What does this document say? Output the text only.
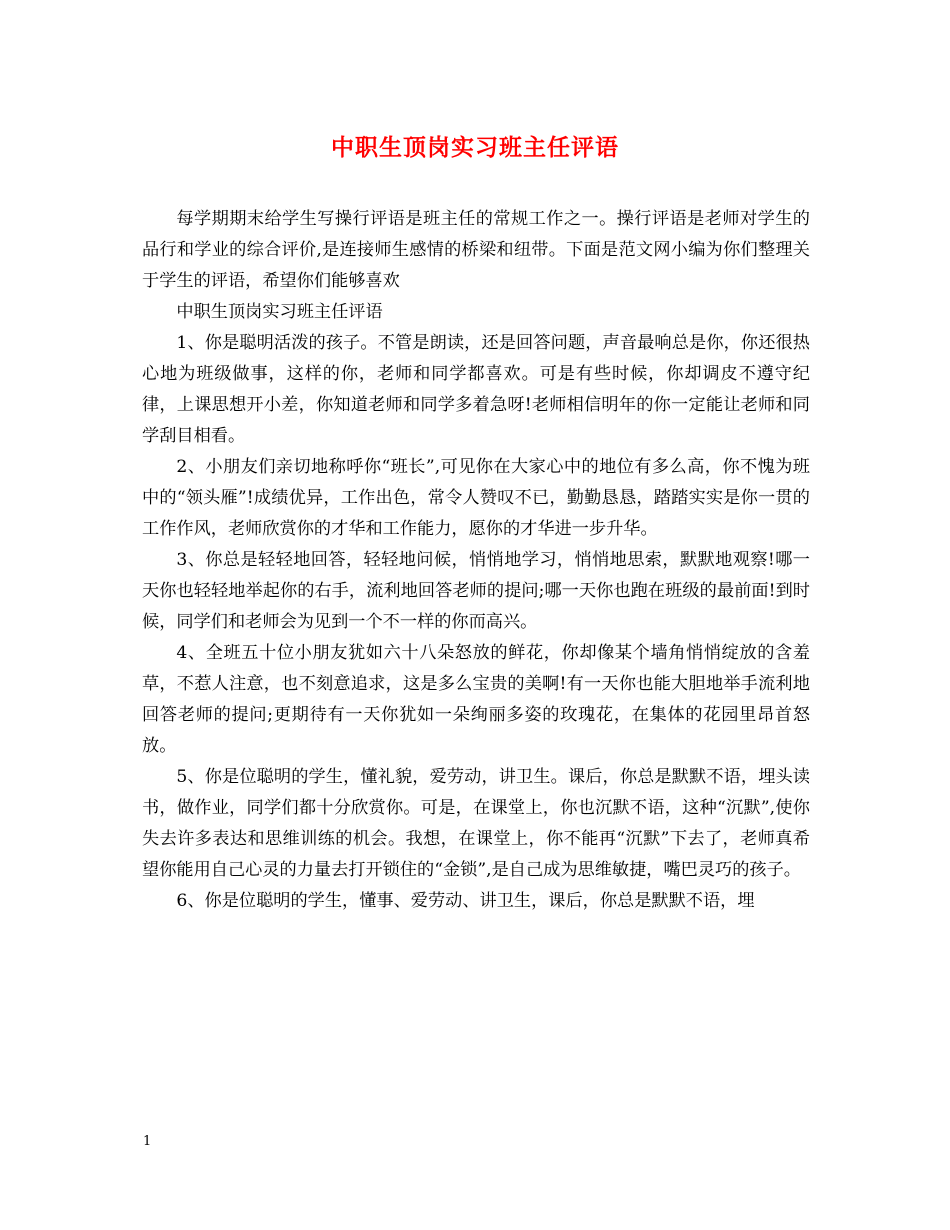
中职生顶岗实习班主任评语

每学期期末给学生写操行评语是班主任的常规工作之一。操行评语是老师对学生的品行和学业的综合评价,是连接师生感情的桥梁和纽带。下面是范文网小编为你们整理关于学生的评语，希望你们能够喜欢

中职生顶岗实习班主任评语

1、你是聪明活泼的孩子。不管是朗读，还是回答问题，声音最响总是你，你还很热心地为班级做事，这样的你，老师和同学都喜欢。可是有些时候，你却调皮不遵守纪律，上课思想开小差，你知道老师和同学多着急呀!老师相信明年的你一定能让老师和同学刮目相看。

2、小朋友们亲切地称呼你“班长”,可见你在大家心中的地位有多么高，你不愧为班中的“领头雁”!成绩优异，工作出色，常令人赞叹不已，勤勤恳恳，踏踏实实是你一贯的工作作风，老师欣赏你的才华和工作能力，愿你的才华进一步升华。

3、你总是轻轻地回答，轻轻地问候，悄悄地学习，悄悄地思索，默默地观察!哪一天你也轻轻地举起你的右手，流利地回答老师的提问;哪一天你也跑在班级的最前面!到时候，同学们和老师会为见到一个不一样的你而高兴。

4、全班五十位小朋友犹如六十八朵怒放的鲜花，你却像某个墙角悄悄绽放的含羞草，不惹人注意，也不刻意追求，这是多么宝贵的美啊!有一天你也能大胆地举手流利地回答老师的提问;更期待有一天你犹如一朵绚丽多姿的玫瑰花，在集体的花园里昂首怒放。

5、你是位聪明的学生，懂礼貌，爱劳动，讲卫生。课后，你总是默默不语，埋头读书，做作业，同学们都十分欣赏你。可是，在课堂上，你也沉默不语，这种“沉默”,使你失去许多表达和思维训练的机会。我想，在课堂上，你不能再“沉默”下去了，老师真希望你能用自己心灵的力量去打开锁住的“金锁”,是自己成为思维敏捷，嘴巴灵巧的孩子。

6、你是位聪明的学生，懂事、爱劳动、讲卫生，课后，你总是默默不语，埋

1
